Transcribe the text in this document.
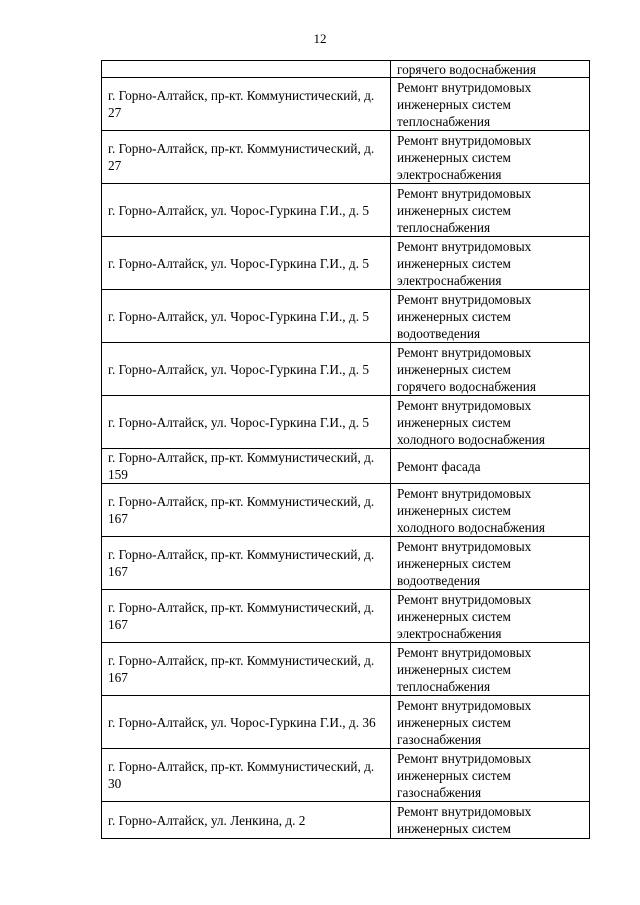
12

	горячего водоснабжения

г. Горно-Алтайск, пр-кт. Коммунистический, д. 27	Ремонт внутридомовых
инженерных систем
теплоснабжения

г. Горно-Алтайск, пр-кт. Коммунистический, д. 27	Ремонт внутридомовых
инженерных систем
электроснабжения

г. Горно-Алтайск, ул. Чорос-Гуркина Г.И., д. 5	Ремонт внутридомовых
инженерных систем
теплоснабжения

г. Горно-Алтайск, ул. Чорос-Гуркина Г.И., д. 5	Ремонт внутридомовых
инженерных систем
электроснабжения

г. Горно-Алтайск, ул. Чорос-Гуркина Г.И., д. 5	Ремонт внутридомовых
инженерных систем
водоотведения

г. Горно-Алтайск, ул. Чорос-Гуркина Г.И., д. 5	Ремонт внутридомовых
инженерных систем
горячего водоснабжения

г. Горно-Алтайск, ул. Чорос-Гуркина Г.И., д. 5	Ремонт внутридомовых
инженерных систем
холодного водоснабжения

г. Горно-Алтайск, пр-кт. Коммунистический, д. 159	Ремонт фасада

г. Горно-Алтайск, пр-кт. Коммунистический, д. 167	Ремонт внутридомовых
инженерных систем
холодного водоснабжения

г. Горно-Алтайск, пр-кт. Коммунистический, д. 167	Ремонт внутридомовых
инженерных систем
водоотведения

г. Горно-Алтайск, пр-кт. Коммунистический, д. 167	Ремонт внутридомовых
инженерных систем
электроснабжения

г. Горно-Алтайск, пр-кт. Коммунистический, д. 167	Ремонт внутридомовых
инженерных систем
теплоснабжения

г. Горно-Алтайск, ул. Чорос-Гуркина Г.И., д. 36	Ремонт внутридомовых
инженерных систем
газоснабжения

г. Горно-Алтайск, пр-кт. Коммунистический, д. 30	Ремонт внутридомовых
инженерных систем
газоснабжения

г. Горно-Алтайск, ул. Ленкина, д. 2	Ремонт внутридомовых
инженерных систем
